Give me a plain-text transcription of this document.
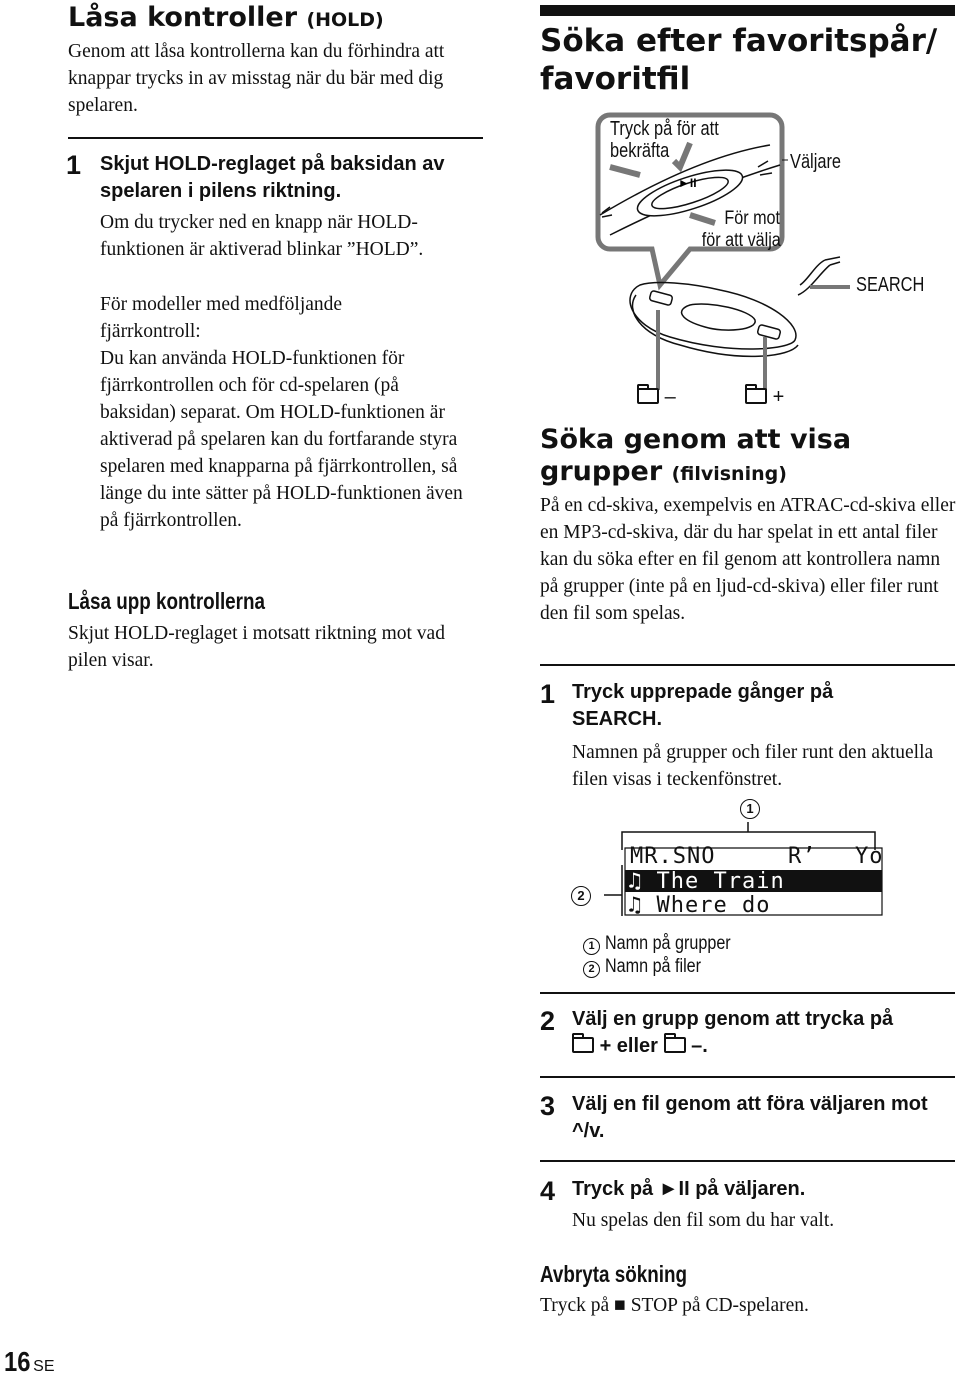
Låsa kontroller (HOLD)
Genom att låsa kontrollerna kan du förhindra att knappar trycks in av misstag när du bär med dig spelaren.
1 Skjut HOLD-reglaget på baksidan av spelaren i pilens riktning.
Om du trycker ned en knapp när HOLD-funktionen är aktiverad blinkar ”HOLD”.
För modeller med medföljande fjärrkontroll:
Du kan använda HOLD-funktionen för fjärrkontrollen och för cd-spelaren (på baksidan) separat. Om HOLD-funktionen är aktiverad på spelaren kan du fortfarande styra spelaren med knapparna på fjärrkontrollen, så länge du inte sätter på HOLD-funktionen även på fjärrkontrollen.
Låsa upp kontrollerna
Skjut HOLD-reglaget i motsatt riktning mot vad pilen visar.
Söka efter favoritspår/
favoritfil
►II
Tryck på för att
bekräfta
För mot
för att välja
Väljare
SEARCH
–	+
Söka genom att visa
grupper (filvisning)
På en cd-skiva, exempelvis en ATRAC-cd-skiva eller en MP3-cd-skiva, där du har spelat in ett antal filer kan du söka efter en fil genom att kontrollera namn på grupper (inte på en ljud-cd-skiva) eller filer runt den fil som spelas.
1 Tryck upprepade gånger på SEARCH.
Namnen på grupper och filer runt den aktuella filen visas i teckenfönstret.
1
2
MR.SNO	R’ Yo
♫ The Train
♫ Where do
1 Namn på grupper
2 Namn på filer
2 Välj en grupp genom att trycka på
+ eller –.
3 Välj en fil genom att föra väljaren mot ^/v.
4 Tryck på ►II på väljaren.
Nu spelas den fil som du har valt.
Avbryta sökning
Tryck på ■ STOP på CD-spelaren.
16 SE
